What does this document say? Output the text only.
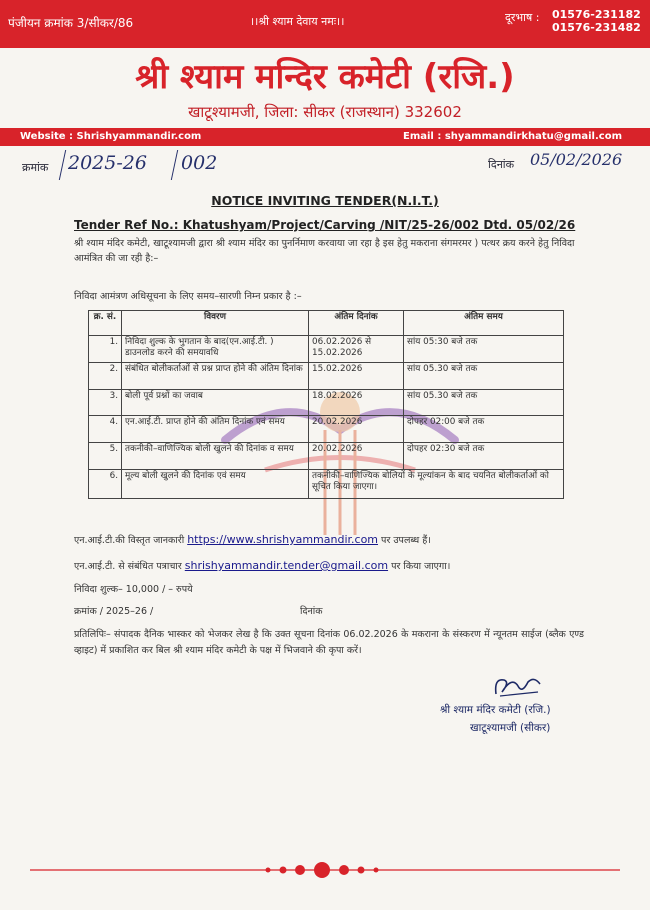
पंजीयन क्रमांक 3/सीकर/86	।।श्री श्याम देवाय नमः।।	दूरभाष : 01576-231182
01576-231482
श्री श्याम मन्दिर कमेटी (रजि.)
खाटूश्यामजी, जिला: सीकर (राजस्थान) 332602
Website : Shrishyammandir.com	Email : shyammandirkhatu@gmail.com
क्रमांक 2025-26 002	दिनांक 05/02/2026
NOTICE INVITING TENDER(N.I.T.)
Tender Ref No.: Khatushyam/Project/Carving /NIT/25-26/002 Dtd. 05/02/26
श्री श्याम मंदिर कमेटी, खाटूश्यामजी द्वारा श्री श्याम मंदिर का पुनर्निमाण करवाया जा रहा है इस हेतु मकराना संगमरमर ) पत्थर क्रय करने हेतु निविदा आमंत्रित की जा रही है:–
निविदा आमंत्रण अधिसूचना के लिए समय–सारणी निम्न प्रकार है :–
क्र. सं.	विवरण	अंतिम दिनांक	अंतिम समय
1.	निविदा शुल्क के भुगतान के बाद(एन.आई.टी. ) डाउनलोड करने की समयावधि	06.02.2026 से 15.02.2026	सांय 05:30 बजे तक
2.	संबंधित बोलीकर्ताओं से प्रश्न प्राप्त होने की अंतिम दिनांक	15.02.2026	सांय 05.30 बजे तक
3.	बोली पूर्व प्रश्नों का जवाब	18.02.2026	सांय 05.30 बजे तक
4.	एन.आई.टी. प्राप्त होने की अंतिम दिनांक एवं समय	20.02.2026	दोपहर 02:00 बजे तक
5.	तकनीकी–वाणिज्यिक बोली खुलने की दिनांक व समय	20.02.2026	दोपहर 02:30 बजे तक
6.	मूल्य बोली खुलने की दिनांक एवं समय	तकनीकी–वाणिज्यिक बोलियों के मूल्यांकन के बाद चयनित बोलीकर्ताओं को सूचित किया जाएगा।	
एन.आई.टी.की विस्तृत जानकारी https://www.shrishyammandir.com पर उपलब्ध हैं।
एन.आई.टी. से संबंधित पत्राचार shrishyammandir.tender@gmail.com पर किया जाएगा।
निविदा शुल्क– 10,000 / – रुपये
क्रमांक / 2025–26 /	दिनांक
प्रतिलिपिः– संपादक दैनिक भास्कर को भेजकर लेख है कि उक्त सूचना दिनांक 06.02.2026 के मकराना के संस्करण में न्यूनतम साईज (ब्लैक एण्ड व्हाइट) में प्रकाशित कर बिल श्री श्याम मंदिर कमेटी के पक्ष में भिजवाने की कृपा करें।
श्री श्याम मंदिर कमेटी (रजि.)
खाटूश्यामजी (सीकर)
